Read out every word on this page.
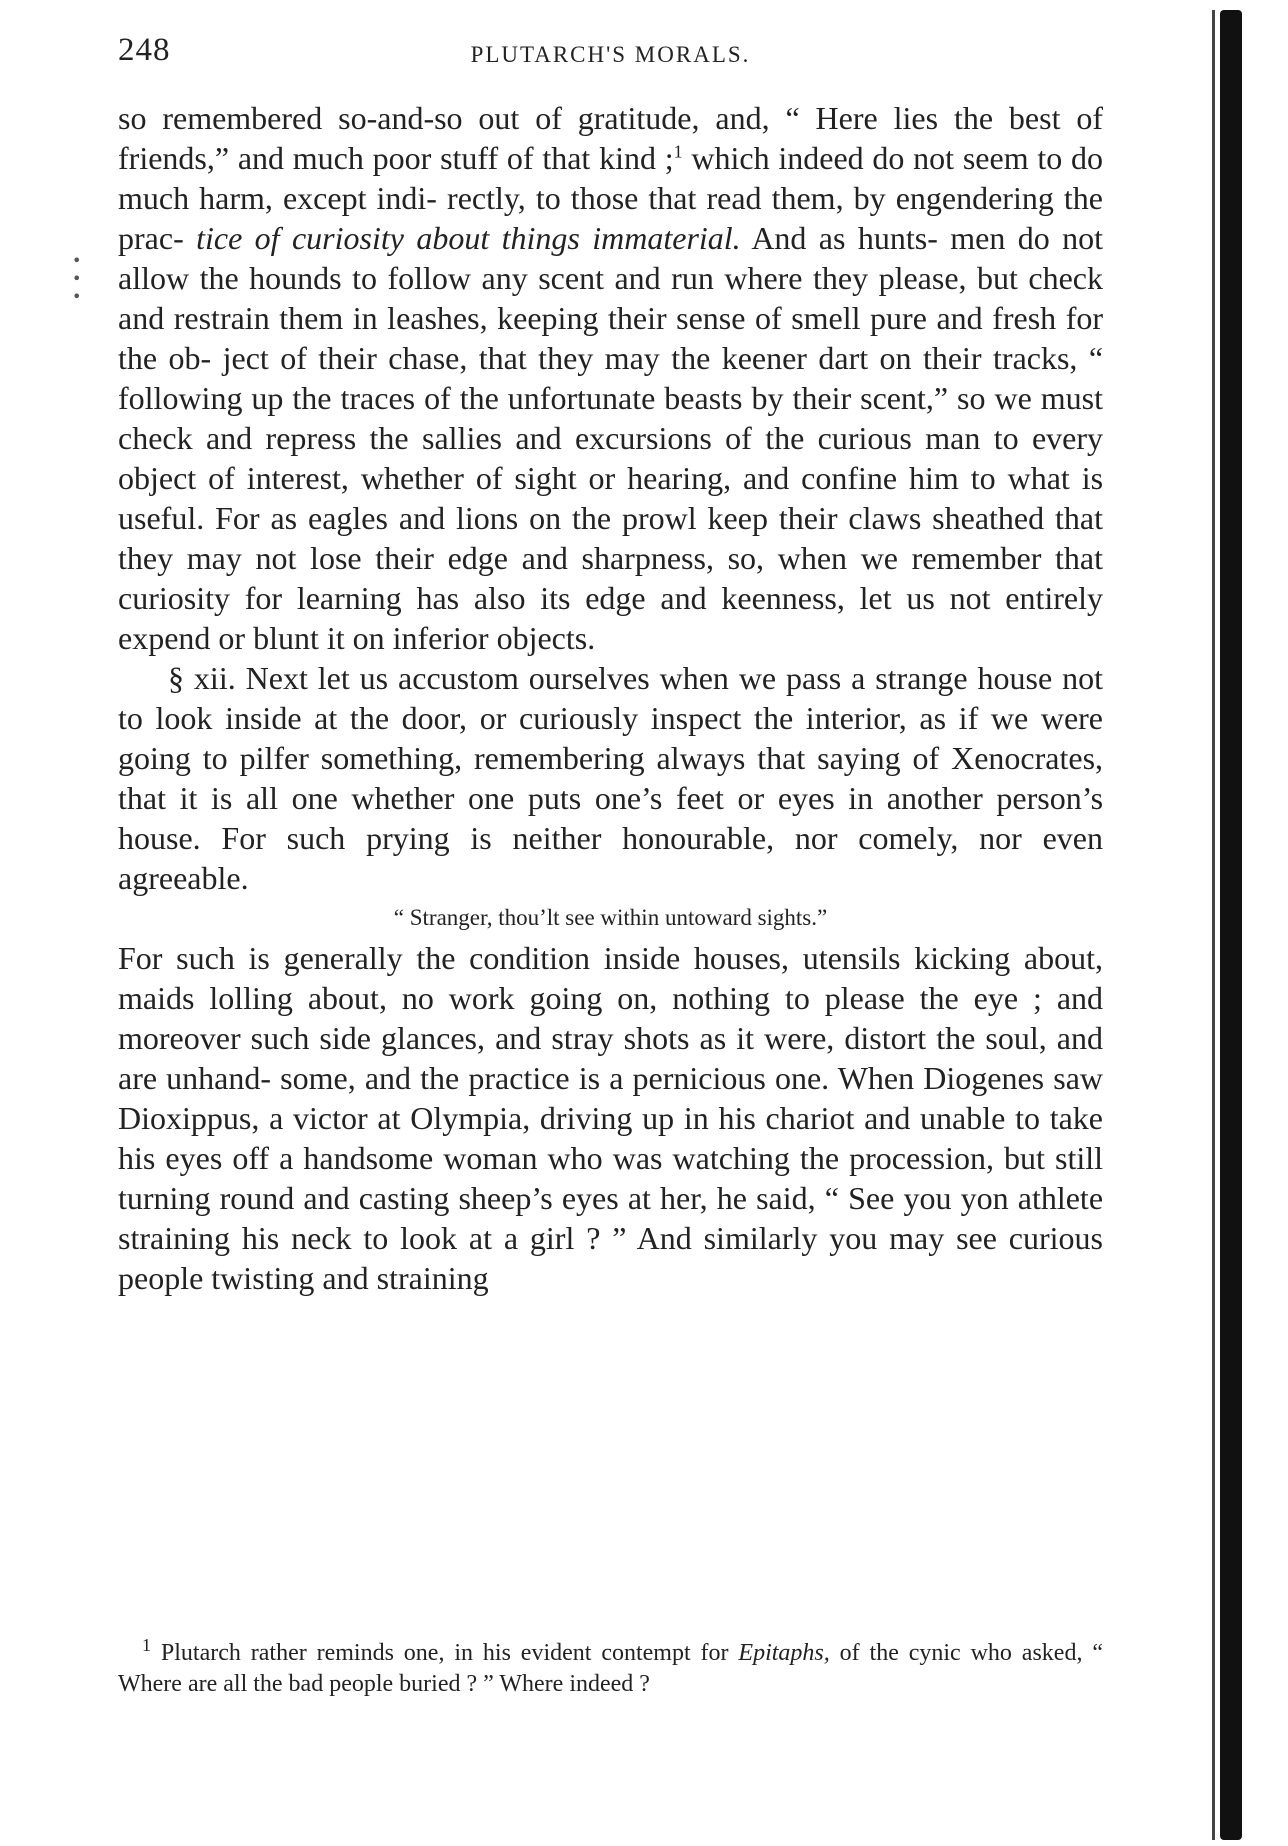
248	PLUTARCH'S MORALS.
•
•
•

so remembered so-and-so out of gratitude, and, “ Here lies the best of friends,” and much poor stuff of that kind ;$^1$ which indeed do not seem to do much harm, except indi- rectly, to those that read them, by engendering the prac- tice of curiosity about things immaterial. And as hunts- men do not allow the hounds to follow any scent and run where they please, but check and restrain them in leashes, keeping their sense of smell pure and fresh for the ob- ject of their chase, that they may the keener dart on their tracks, “ following up the traces of the unfortunate beasts by their scent,” so we must check and repress the sallies and excursions of the curious man to every object of interest, whether of sight or hearing, and confine him to what is useful. For as eagles and lions on the prowl keep their claws sheathed that they may not lose their edge and sharpness, so, when we remember that curiosity for learning has also its edge and keenness, let us not entirely expend or blunt it on inferior objects.

§ xii. Next let us accustom ourselves when we pass a strange house not to look inside at the door, or curiously inspect the interior, as if we were going to pilfer something, remembering always that saying of Xenocrates, that it is all one whether one puts one’s feet or eyes in another person’s house. For such prying is neither honourable, nor comely, nor even agreeable.

“ Stranger, thou’lt see within untoward sights.”

For such is generally the condition inside houses, utensils kicking about, maids lolling about, no work going on, nothing to please the eye ; and moreover such side glances, and stray shots as it were, distort the soul, and are unhand- some, and the practice is a pernicious one. When Diogenes saw Dioxippus, a victor at Olympia, driving up in his chariot and unable to take his eyes off a handsome woman who was watching the procession, but still turning round and casting sheep’s eyes at her, he said, “ See you yon athlete straining his neck to look at a girl ? ” And similarly you may see curious people twisting and straining

$^1$ Plutarch rather reminds one, in his evident contempt for Epitaphs, of the cynic who asked, “ Where are all the bad people buried ? ” Where indeed ?
